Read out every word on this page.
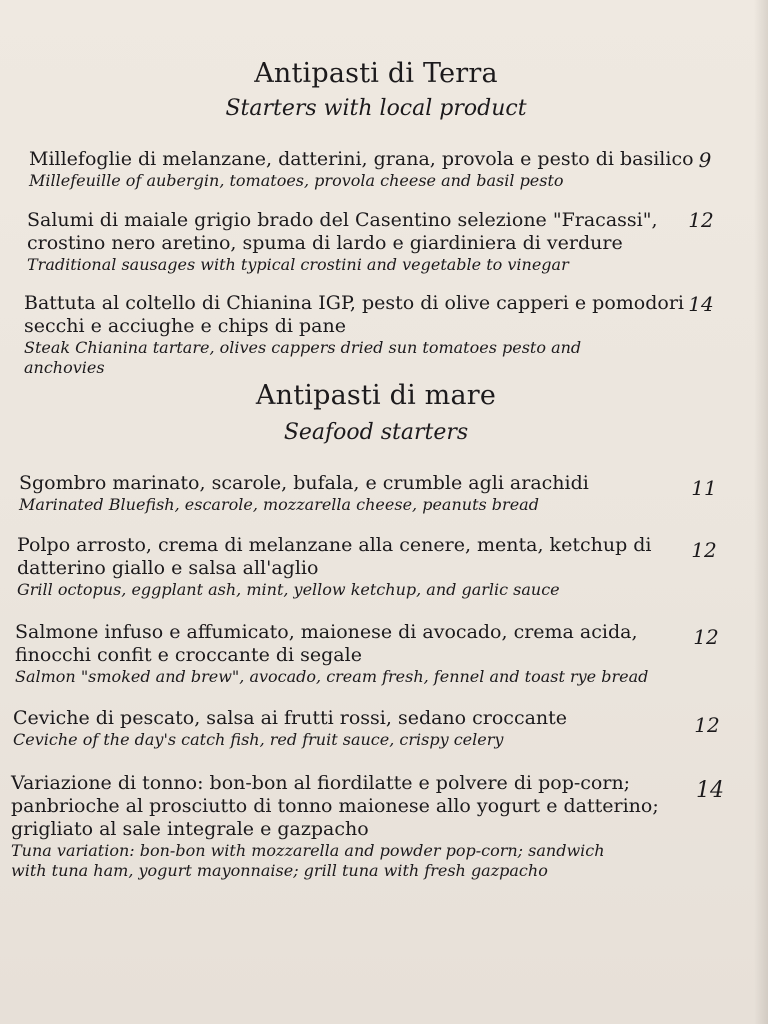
Antipasti di Terra
Starters with local product
Millefoglie di melanzane, datterini, grana, provola e pesto di basilico
Millefeuille of aubergin, tomatoes, provola cheese and basil pesto
9
Salumi di maiale grigio brado del Casentino selezione "Fracassi",
crostino nero aretino, spuma di lardo e giardiniera di verdure
Traditional sausages with typical crostini and vegetable to vinegar
12
Battuta al coltello di Chianina IGP, pesto di olive capperi e pomodori
secchi e acciughe e chips di pane
Steak Chianina tartare, olives cappers dried sun tomatoes pesto and
anchovies
14
Antipasti di mare
Seafood starters
Sgombro marinato, scarole, bufala, e crumble agli arachidi
Marinated Bluefish, escarole, mozzarella cheese, peanuts bread
11
Polpo arrosto, crema di melanzane alla cenere, menta, ketchup di
datterino giallo e salsa all'aglio
Grill octopus, eggplant ash, mint, yellow ketchup, and garlic sauce
12
Salmone infuso e affumicato, maionese di avocado, crema acida,
finocchi confit e croccante di segale
Salmon "smoked and brew", avocado, cream fresh, fennel and toast rye bread
12
Ceviche di pescato, salsa ai frutti rossi, sedano croccante
Ceviche of the day's catch fish, red fruit sauce, crispy celery
12
Variazione di tonno: bon-bon al fiordilatte e polvere di pop-corn;
panbrioche al prosciutto di tonno maionese allo yogurt e datterino;
grigliato al sale integrale e gazpacho
Tuna variation: bon-bon with mozzarella and powder pop-corn; sandwich
with tuna ham, yogurt mayonnaise; grill tuna with fresh gazpacho
14
